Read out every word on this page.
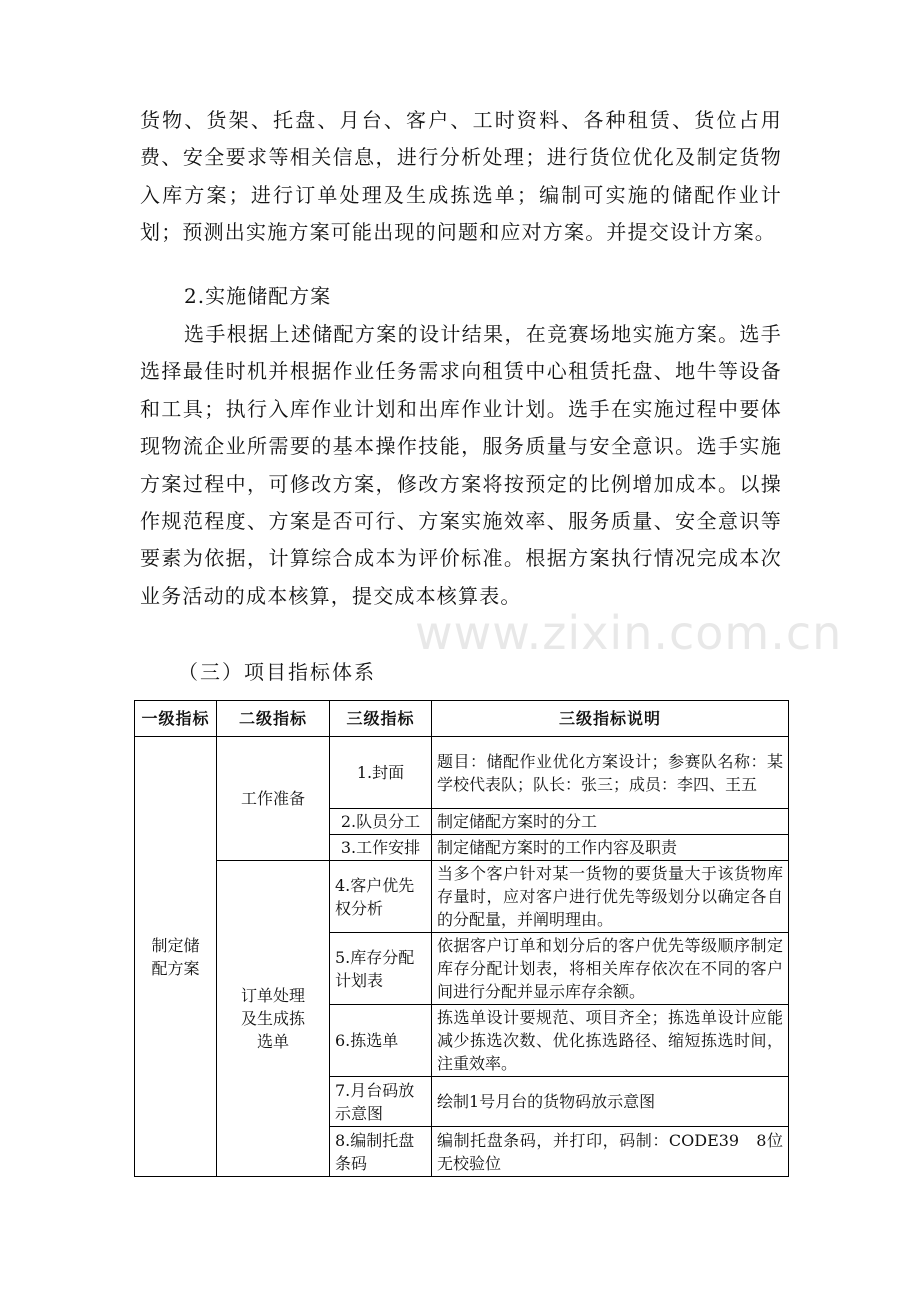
货物、货架、托盘、月台、客户、工时资料、各种租赁、货位占用费、安全要求等相关信息，进行分析处理；进行货位优化及制定货物入库方案；进行订单处理及生成拣选单；编制可实施的储配作业计划；预测出实施方案可能出现的问题和应对方案。并提交设计方案。

2.实施储配方案

选手根据上述储配方案的设计结果，在竞赛场地实施方案。选手选择最佳时机并根据作业任务需求向租赁中心租赁托盘、地牛等设备和工具；执行入库作业计划和出库作业计划。选手在实施过程中要体现物流企业所需要的基本操作技能，服务质量与安全意识。选手实施方案过程中，可修改方案，修改方案将按预定的比例增加成本。以操作规范程度、方案是否可行、方案实施效率、服务质量、安全意识等要素为依据，计算综合成本为评价标准。根据方案执行情况完成本次业务活动的成本核算，提交成本核算表。

www.zixin.com.cn

（三）项目指标体系

一级指标	二级指标	三级指标	三级指标说明
制定储配方案	工作准备	1.封面	题目：储配作业优化方案设计；参赛队名称：某学校代表队；队长：张三；成员：李四、王五
		2.队员分工	制定储配方案时的分工
		3.工作安排	制定储配方案时的工作内容及职责
	订单处理及生成拣选单	4.客户优先权分析	当多个客户针对某一货物的要货量大于该货物库存量时，应对客户进行优先等级划分以确定各自的分配量，并阐明理由。
		5.库存分配计划表	依据客户订单和划分后的客户优先等级顺序制定库存分配计划表，将相关库存依次在不同的客户间进行分配并显示库存余额。
		6.拣选单	拣选单设计要规范、项目齐全；拣选单设计应能减少拣选次数、优化拣选路径、缩短拣选时间，注重效率。
		7.月台码放示意图	绘制1号月台的货物码放示意图
		8.编制托盘条码	编制托盘条码，并打印，码制：CODE39　8位 无校验位
